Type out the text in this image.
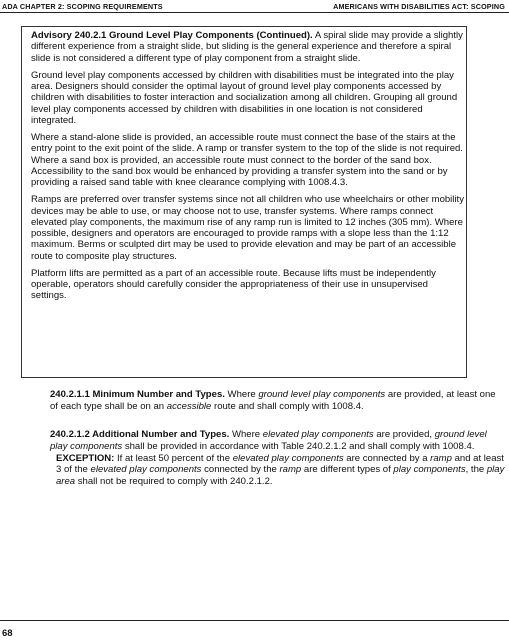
ADA CHAPTER 2: SCOPING REQUIREMENTS	AMERICANS WITH DISABILITIES ACT: SCOPING

Advisory 240.2.1 Ground Level Play Components (Continued). A spiral slide may provide a slightly different experience from a straight slide, but sliding is the general experience and therefore a spiral slide is not considered a different type of play component from a straight slide.

Ground level play components accessed by children with disabilities must be integrated into the play area. Designers should consider the optimal layout of ground level play components accessed by children with disabilities to foster interaction and socialization among all children. Grouping all ground level play components accessed by children with disabilities in one location is not considered integrated.

Where a stand-alone slide is provided, an accessible route must connect the base of the stairs at the entry point to the exit point of the slide. A ramp or transfer system to the top of the slide is not required. Where a sand box is provided, an accessible route must connect to the border of the sand box. Accessibility to the sand box would be enhanced by providing a transfer system into the sand or by providing a raised sand table with knee clearance complying with 1008.4.3.

Ramps are preferred over transfer systems since not all children who use wheelchairs or other mobility devices may be able to use, or may choose not to use, transfer systems. Where ramps connect elevated play components, the maximum rise of any ramp run is limited to 12 inches (305 mm). Where possible, designers and operators are encouraged to provide ramps with a slope less than the 1:12 maximum. Berms or sculpted dirt may be used to provide elevation and may be part of an accessible route to composite play structures.

Platform lifts are permitted as a part of an accessible route. Because lifts must be independently operable, operators should carefully consider the appropriateness of their use in unsupervised settings.

240.2.1.1 Minimum Number and Types. Where ground level play components are provided, at least one of each type shall be on an accessible route and shall comply with 1008.4.

240.2.1.2 Additional Number and Types. Where elevated play components are provided, ground level play components shall be provided in accordance with Table 240.2.1.2 and shall comply with 1008.4.

EXCEPTION: If at least 50 percent of the elevated play components are connected by a ramp and at least 3 of the elevated play components connected by the ramp are different types of play components, the play area shall not be required to comply with 240.2.1.2.

68
